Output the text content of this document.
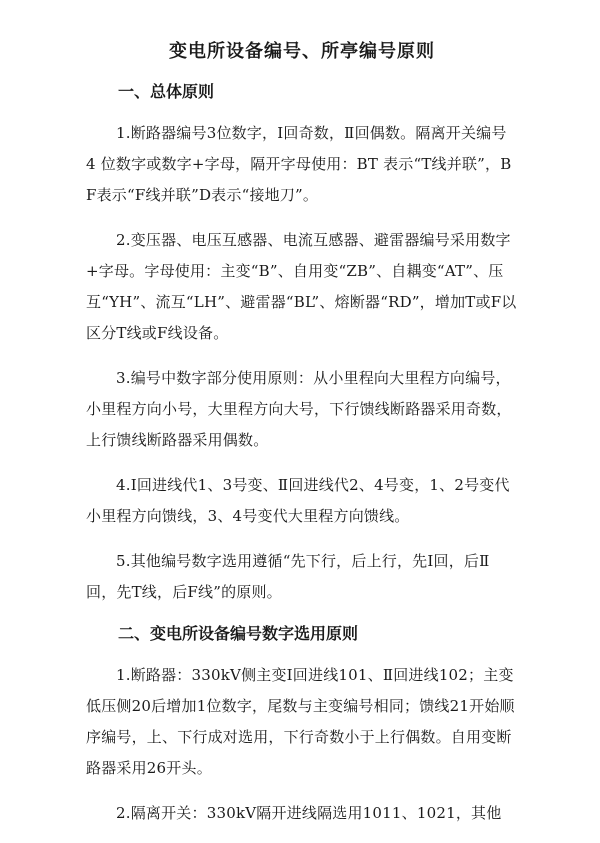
变电所设备编号、所亭编号原则
一、总体原则

1.断路器编号3位数字，Ⅰ回奇数，Ⅱ回偶数。隔离开关编号 4 位数字或数字+字母，隔开字母使用：BT 表示“T线并联”，BF表示“F线并联”D表示“接地刀”。

2.变压器、电压互感器、电流互感器、避雷器编号采用数字+字母。字母使用：主变“B”、自用变“ZB”、自耦变“AT”、压互“YH”、流互“LH”、避雷器“BL”、熔断器“RD”，增加T或F以区分T线或F线设备。

3.编号中数字部分使用原则：从小里程向大里程方向编号，小里程方向小号，大里程方向大号，下行馈线断路器采用奇数，上行馈线断路器采用偶数。

4.Ⅰ回进线代1、3号变、Ⅱ回进线代2、4号变，1、2号变代小里程方向馈线，3、4号变代大里程方向馈线。

5.其他编号数字选用遵循“先下行，后上行，先Ⅰ回，后Ⅱ回，先T线，后F线”的原则。

二、变电所设备编号数字选用原则

1.断路器：330kV侧主变Ⅰ回进线101、Ⅱ回进线102；主变低压侧20后增加1位数字，尾数与主变编号相同；馈线21开始顺序编号，上、下行成对选用，下行奇数小于上行偶数。自用变断路器采用26开头。

2.隔离开关：330kV隔开进线隔选用1011、1021，其他
